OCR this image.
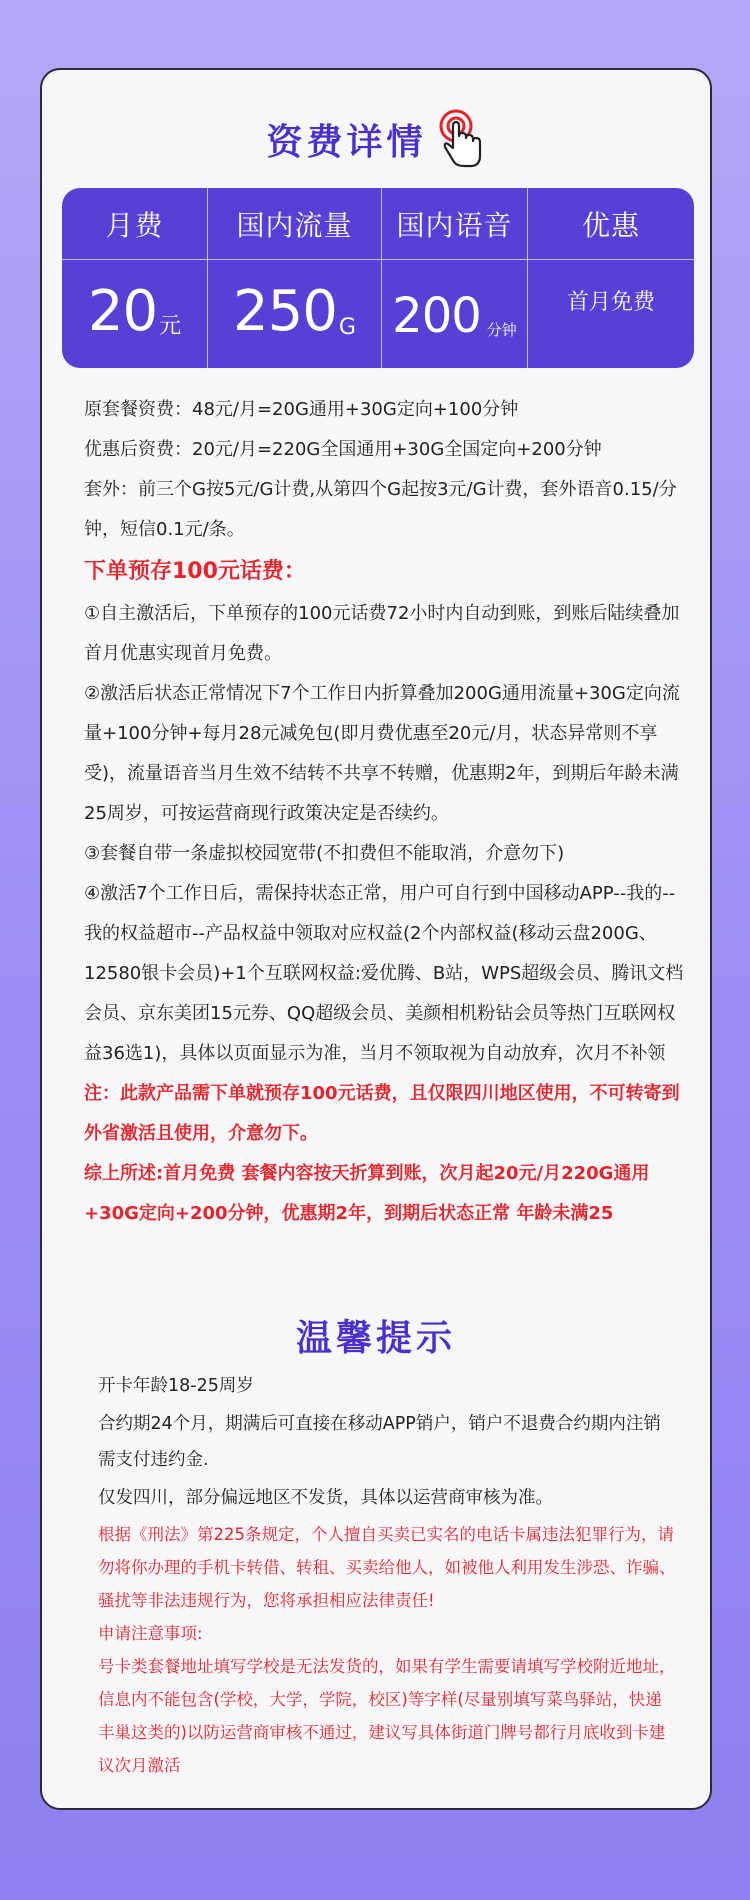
资费详情
月费	国内流量 国内语音 优惠
20 元 250 G 200 分钟
首月免费
原套餐资费：48元/月=20G通用+30G定向+100分钟
优惠后资费：20元/月=220G全国通用+30G全国定向+200分钟
套外：前三个G按5元/G计费,从第四个G起按3元/G计费，套外语音0.15/分钟，短信0.1元/条。
下单预存100元话费：
①自主激活后，下单预存的100元话费72小时内自动到账，到账后陆续叠加首月优惠实现首月免费。
②激活后状态正常情况下7个工作日内折算叠加200G通用流量+30G定向流量+100分钟+每月28元减免包(即月费优惠至20元/月，状态异常则不享受)，流量语音当月生效不结转不共享不转赠，优惠期2年，到期后年龄未满25周岁，可按运营商现行政策决定是否续约。
③套餐自带一条虚拟校园宽带(不扣费但不能取消，介意勿下)
④激活7个工作日后，需保持状态正常，用户可自行到中国移动APP--我的--我的权益超市--产品权益中领取对应权益(2个内部权益(移动云盘200G、12580银卡会员)+1个互联网权益:爱优腾、B站，WPS超级会员、腾讯文档会员、京东美团15元券、QQ超级会员、美颜相机粉钻会员等热门互联网权益36选1)，具体以页面显示为准，当月不领取视为自动放弃，次月不补领
注：此款产品需下单就预存100元话费，且仅限四川地区使用，不可转寄到外省激活且使用，介意勿下。
综上所述:首月免费 套餐内容按天折算到账，次月起20元/月220G通用+30G定向+200分钟，优惠期2年，到期后状态正常 年龄未满25
温馨提示
开卡年龄18-25周岁
合约期24个月，期满后可直接在移动APP销户，销户不退费合约期内注销需支付违约金.
仅发四川，部分偏远地区不发货，具体以运营商审核为准。
根据《刑法》第225条规定，个人擅自买卖已实名的电话卡属违法犯罪行为，请勿将你办理的手机卡转借、转租、买卖给他人，如被他人利用发生涉恐、诈骗、骚扰等非法违规行为，您将承担相应法律责任!
申请注意事项:
号卡类套餐地址填写学校是无法发货的，如果有学生需要请填写学校附近地址，信息内不能包含(学校，大学，学院，校区)等字样(尽量别填写菜鸟驿站，快递丰巢这类的)以防运营商审核不通过，建议写具体街道门牌号都行月底收到卡建议次月激活
